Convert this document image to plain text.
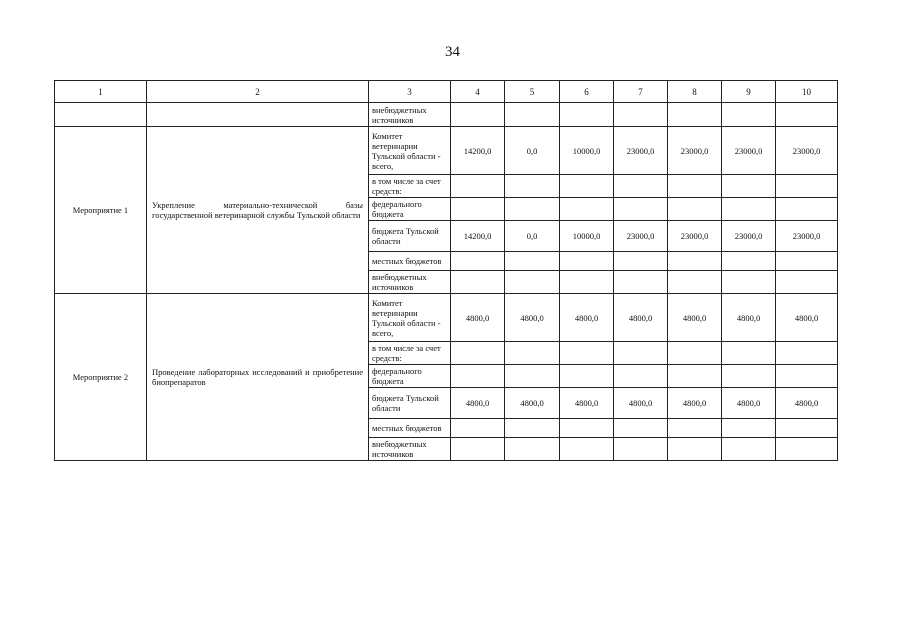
34
1	2	3	4	5	6	7	8	9	10
		внебюджетных источников							
Мероприятие 1	Укрепление материально-технической базы государственной ветеринарной службы Тульской области	Комитет ветеринарии Тульской области - всего,	14200,0	0,0	10000,0	23000,0	23000,0	23000,0	23000,0
		в том числе за счет средств:							
		федерального бюджета							
		бюджета Тульской области	14200,0	0,0	10000,0	23000,0	23000,0	23000,0	23000,0
		местных бюджетов							
		внебюджетных источников							
Мероприятие 2	Проведение лабораторных исследований и приобретение биопрепаратов	Комитет ветеринарии Тульской области - всего,	4800,0	4800,0	4800,0	4800,0	4800,0	4800,0	4800,0
		в том числе за счет средств:							
		федерального бюджета							
		бюджета Тульской области	4800,0	4800,0	4800,0	4800,0	4800,0	4800,0	4800,0
		местных бюджетов							
		внебюджетных источников							
